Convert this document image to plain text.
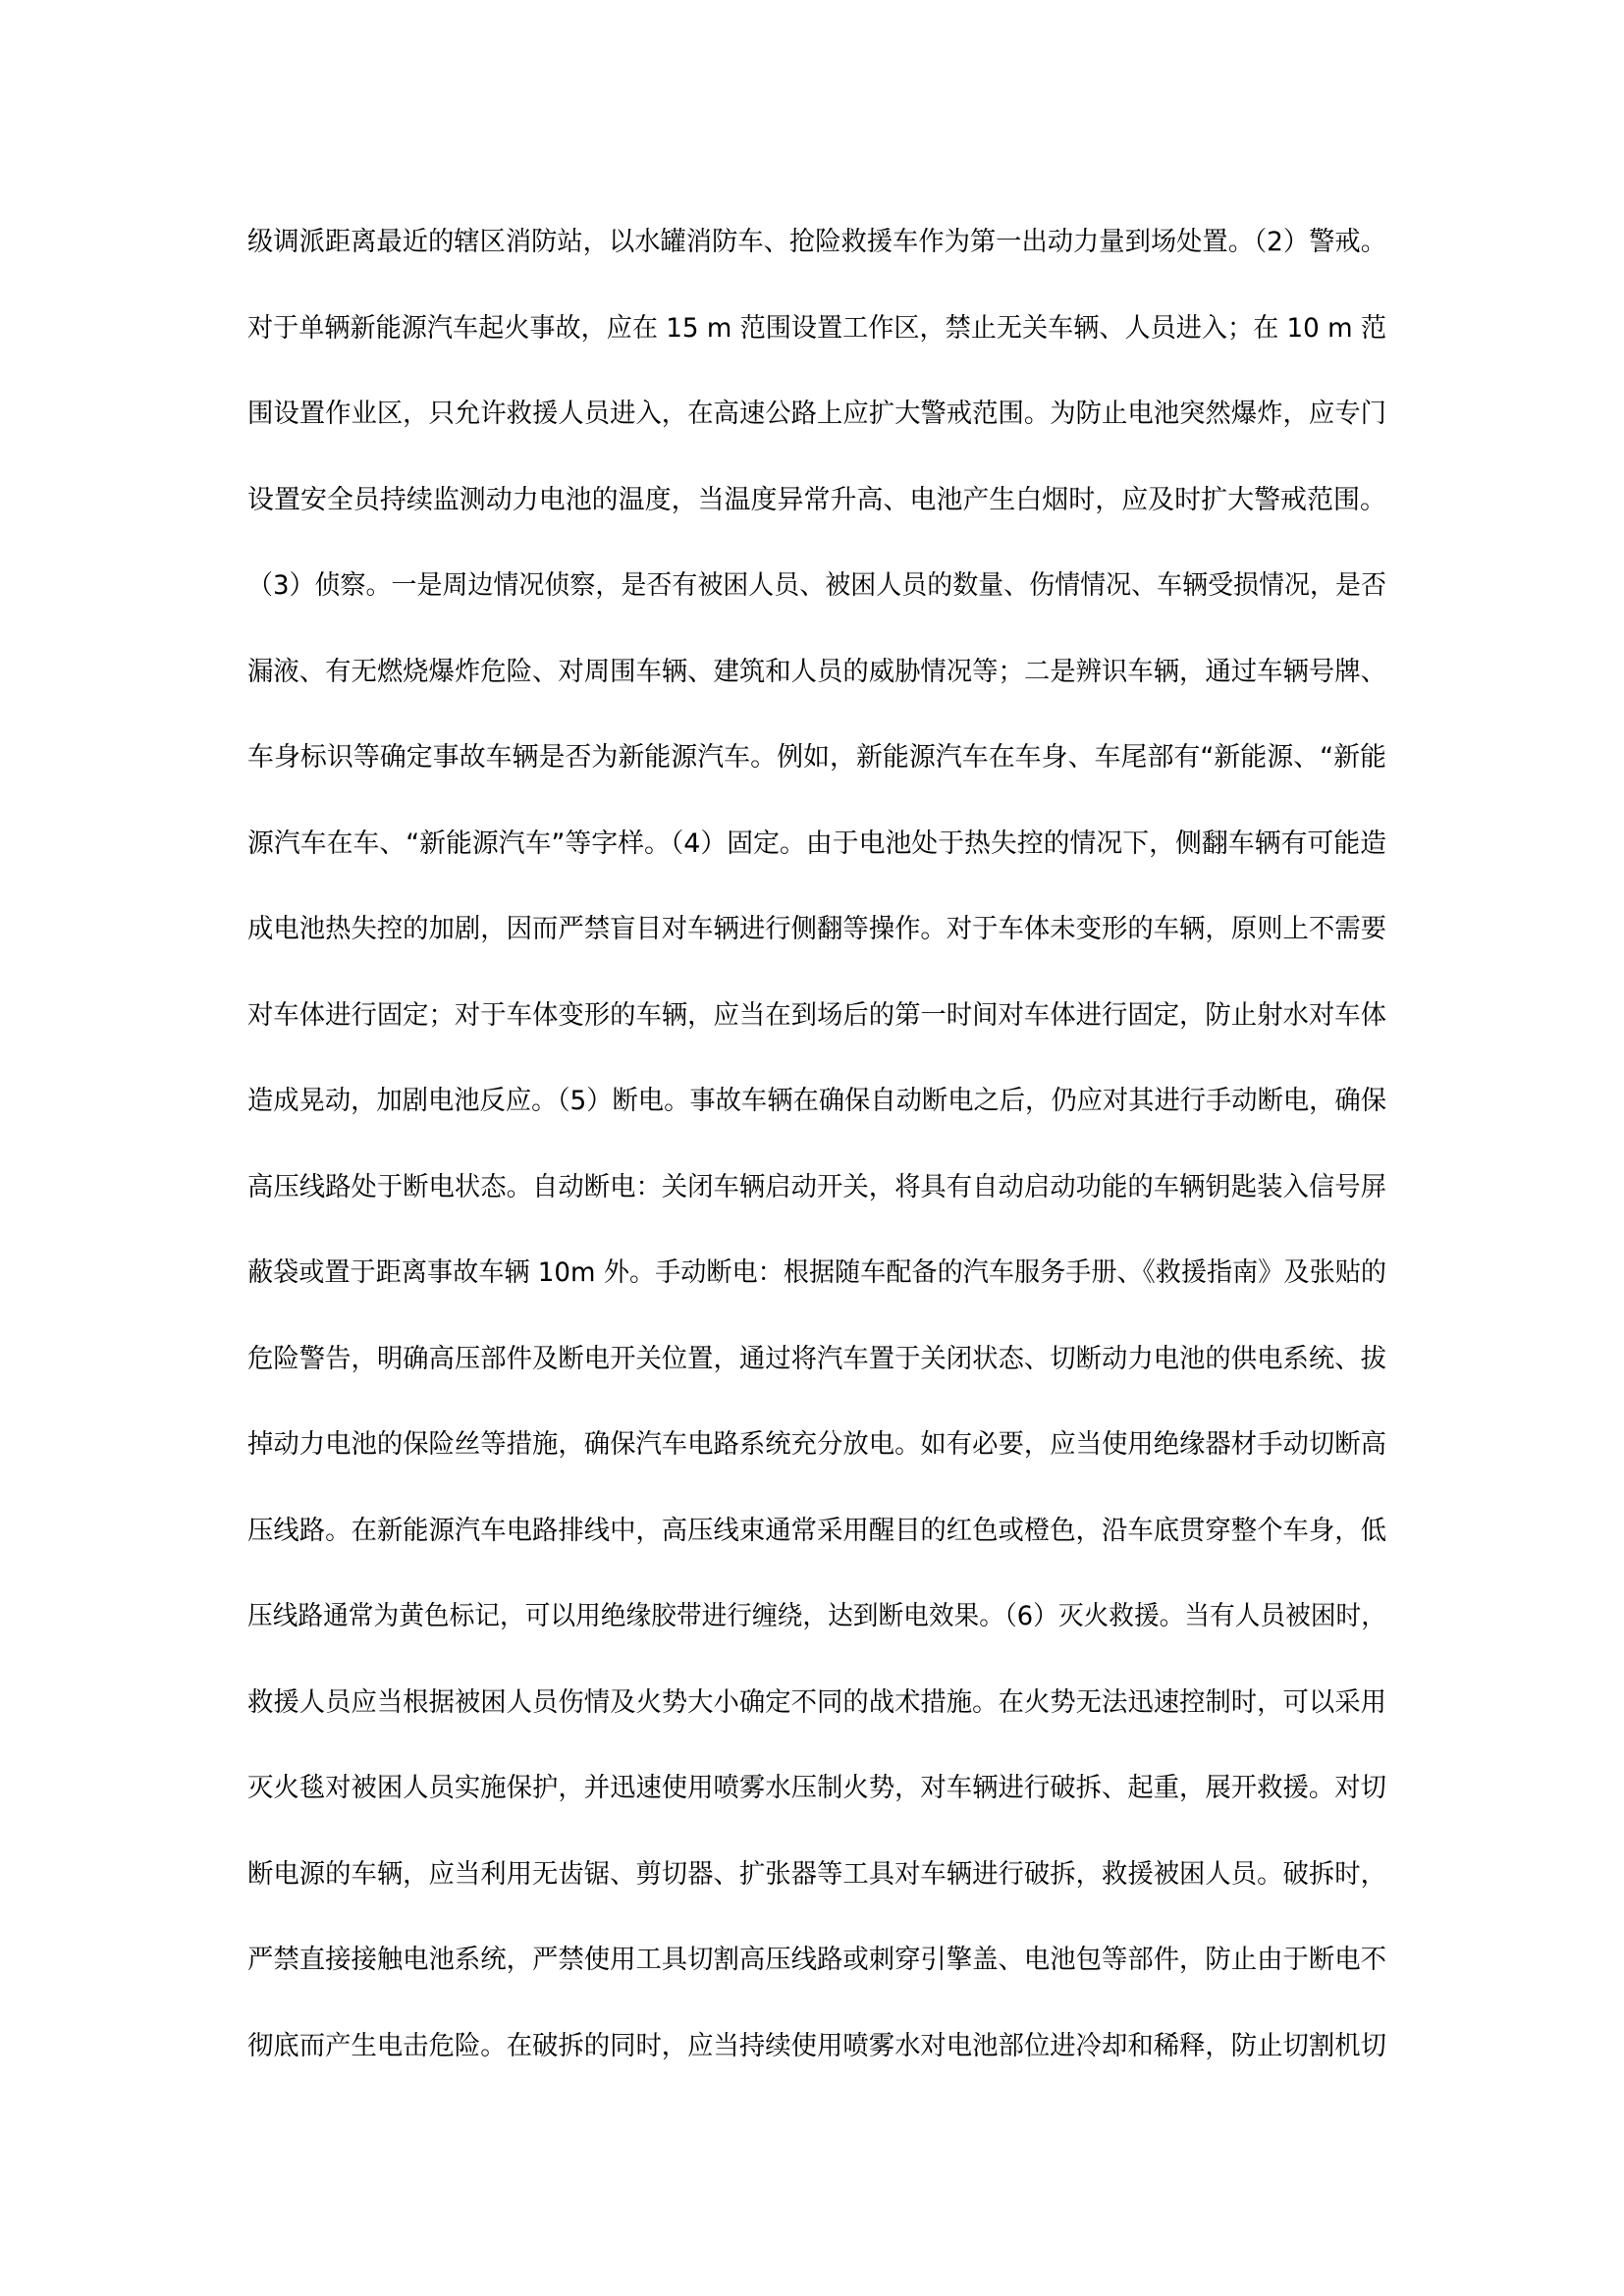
级调派距离最近的辖区消防站，以水罐消防车、抢险救援车作为第一出动力量到场处置。（2）警戒。
对于单辆新能源汽车起火事故，应在 15 m 范围设置工作区，禁止无关车辆、人员进入；在 10 m 范
围设置作业区，只允许救援人员进入，在高速公路上应扩大警戒范围。为防止电池突然爆炸，应专门
设置安全员持续监测动力电池的温度，当温度异常升高、电池产生白烟时，应及时扩大警戒范围。
（3）侦察。一是周边情况侦察，是否有被困人员、被困人员的数量、伤情情况、车辆受损情况，是否
漏液、有无燃烧爆炸危险、对周围车辆、建筑和人员的威胁情况等；二是辨识车辆，通过车辆号牌、
车身标识等确定事故车辆是否为新能源汽车。例如，新能源汽车在车身、车尾部有“新能源、“新能
源汽车在车、“新能源汽车”等字样。（4）固定。由于电池处于热失控的情况下，侧翻车辆有可能造
成电池热失控的加剧，因而严禁盲目对车辆进行侧翻等操作。对于车体未变形的车辆，原则上不需要
对车体进行固定；对于车体变形的车辆，应当在到场后的第一时间对车体进行固定，防止射水对车体
造成晃动，加剧电池反应。（5）断电。事故车辆在确保自动断电之后，仍应对其进行手动断电，确保
高压线路处于断电状态。自动断电：关闭车辆启动开关，将具有自动启动功能的车辆钥匙装入信号屏
蔽袋或置于距离事故车辆 10m 外。手动断电：根据随车配备的汽车服务手册、《救援指南》及张贴的
危险警告，明确高压部件及断电开关位置，通过将汽车置于关闭状态、切断动力电池的供电系统、拔
掉动力电池的保险丝等措施，确保汽车电路系统充分放电。如有必要，应当使用绝缘器材手动切断高
压线路。在新能源汽车电路排线中，高压线束通常采用醒目的红色或橙色，沿车底贯穿整个车身，低
压线路通常为黄色标记，可以用绝缘胶带进行缠绕，达到断电效果。（6）灭火救援。当有人员被困时，
救援人员应当根据被困人员伤情及火势大小确定不同的战术措施。在火势无法迅速控制时，可以采用
灭火毯对被困人员实施保护，并迅速使用喷雾水压制火势，对车辆进行破拆、起重，展开救援。对切
断电源的车辆，应当利用无齿锯、剪切器、扩张器等工具对车辆进行破拆，救援被困人员。破拆时，
严禁直接接触电池系统，严禁使用工具切割高压线路或刺穿引擎盖、电池包等部件，防止由于断电不
彻底而产生电击危险。在破拆的同时，应当持续使用喷雾水对电池部位进冷却和稀释，防止切割机切
